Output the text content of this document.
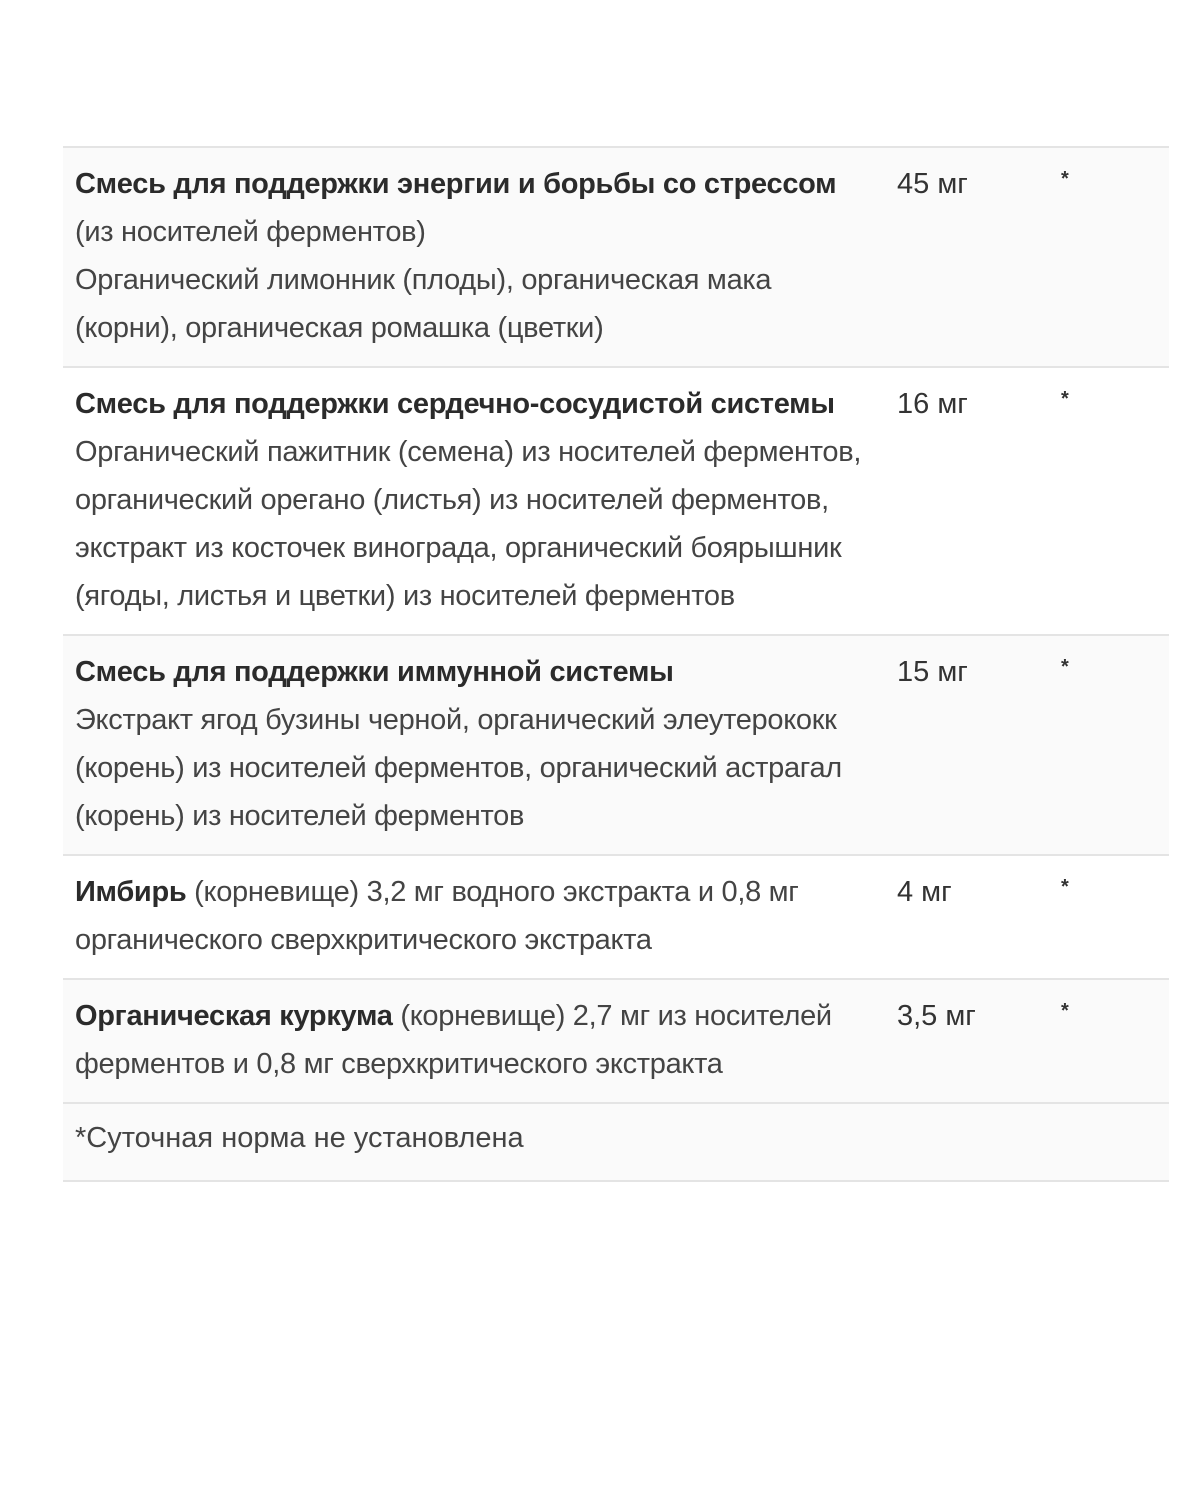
Смесь для поддержки энергии и борьбы со стрессом (из носителей ферментов)
Органический лимонник (плоды), органическая мака (корни), органическая ромашка (цветки)
45 мг	*
Смесь для поддержки сердечно-сосудистой системы
Органический пажитник (семена) из носителей ферментов, органический орегано (листья) из носителей ферментов, экстракт из косточек винограда, органический боярышник (ягоды, листья и цветки) из носителей ферментов
16 мг	*
Смесь для поддержки иммунной системы
Экстракт ягод бузины черной, органический элеутерококк (корень) из носителей ферментов, органический астрагал (корень) из носителей ферментов
15 мг	*
Имбирь (корневище) 3,2 мг водного экстракта и 0,8 мг органического сверхкритического экстракта
4 мг	*
Органическая куркума (корневище) 2,7 мг из носителей ферментов и 0,8 мг сверхкритического экстракта
3,5 мг	*
*Суточная норма не установлена
